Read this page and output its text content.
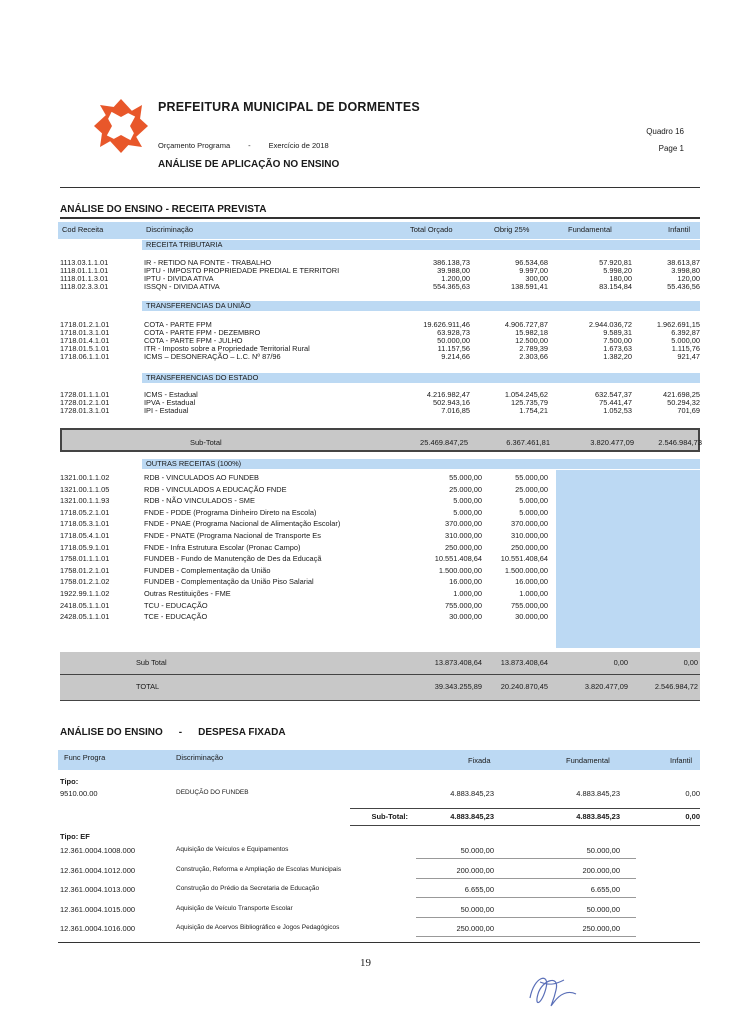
PREFEITURA MUNICIPAL DE DORMENTES
Orçamento Programa - Exercício de 2018
ANÁLISE DE APLICAÇÃO NO ENSINO
Quadro 16
Page 1
ANÁLISE DO ENSINO - RECEITA PREVISTA
Cod Receita	Discriminação	Total Orçado	Obrig 25%	Fundamental	Infantil
RECEITA TRIBUTARIA
1113.03.1.1.01	IR - RETIDO NA FONTE - TRABALHO	386.138,73	96.534,68	57.920,81	38.613,87
1118.01.1.1.01	IPTU - IMPOSTO PROPRIEDADE PREDIAL E TERRITORI	39.988,00	9.997,00	5.998,20	3.998,80
1118.01.1.3.01	IPTU - DIVIDA ATIVA	1.200,00	300,00	180,00	120,00
1118.02.3.3.01	ISSQN - DIVIDA ATIVA	554.365,63	138.591,41	83.154,84	55.436,56
TRANSFERENCIAS DA UNIÃO
1718.01.2.1.01	COTA - PARTE FPM	19.626.911,46	4.906.727,87	2.944.036,72	1.962.691,15
1718.01.3.1.01	COTA - PARTE FPM - DEZEMBRO	63.928,73	15.982,18	9.589,31	6.392,87
1718.01.4.1.01	COTA - PARTE FPM - JULHO	50.000,00	12.500,00	7.500,00	5.000,00
1718.01.5.1.01	ITR - Imposto sobre a Propriedade Territorial Rural	11.157,56	2.789,39	1.673,63	1.115,76
1718.06.1.1.01	ICMS – DESONERAÇÃO – L.C. Nº 87/96	9.214,66	2.303,66	1.382,20	921,47
TRANSFERENCIAS DO ESTADO
1728.01.1.1.01	ICMS - Estadual	4.216.982,47	1.054.245,62	632.547,37	421.698,25
1728.01.2.1.01	IPVA - Estadual	502.943,16	125.735,79	75.441,47	50.294,32
1728.01.3.1.01	IPI - Estadual	7.016,85	1.754,21	1.052,53	701,69
Sub-Total	25.469.847,25	6.367.461,81	3.820.477,09	2.546.984,73
OUTRAS RECEITAS (100%)
1321.00.1.1.02	RDB - VINCULADOS AO FUNDEB	55.000,00	55.000,00
1321.00.1.1.05	RDB - VINCULADOS A EDUCAÇÃO FNDE	25.000,00	25.000,00
1321.00.1.1.93	RDB - NÃO VINCULADOS - SME	5.000,00	5.000,00
1718.05.2.1.01	FNDE - PDDE (Programa Dinheiro Direto na Escola)	5.000,00	5.000,00
1718.05.3.1.01	FNDE - PNAE (Programa Nacional de Alimentação Escolar)	370.000,00	370.000,00
1718.05.4.1.01	FNDE - PNATE (Programa Nacional de Transporte Es	310.000,00	310.000,00
1718.05.9.1.01	FNDE - Infra Estrutura Escolar (Pronac Campo)	250.000,00	250.000,00
1758.01.1.1.01	FUNDEB - Fundo de Manutenção de Des da Educaçã	10.551.408,64	10.551.408,64
1758.01.2.1.01	FUNDEB - Complementação da União	1.500.000,00	1.500.000,00
1758.01.2.1.02	FUNDEB - Complementação da União Piso Salarial	16.000,00	16.000,00
1922.99.1.1.02	Outras Restituições - FME	1.000,00	1.000,00
2418.05.1.1.01	TCU - EDUCAÇÃO	755.000,00	755.000,00
2428.05.1.1.01	TCE - EDUCAÇÃO	30.000,00	30.000,00
Sub Total	13.873.408,64	13.873.408,64	0,00	0,00
TOTAL	39.343.255,89	20.240.870,45	3.820.477,09	2.546.984,72
ANÁLISE DO ENSINO - DESPESA FIXADA
Func Progra	Discriminação	Fixada	Fundamental	Infantil
Tipo:
9510.00.00	DEDUÇÃO DO FUNDEB	4.883.845,23	4.883.845,23	0,00
Sub-Total:	4.883.845,23	4.883.845,23	0,00
Tipo: EF
12.361.0004.1008.000	Aquisição de Veículos e Equipamentos	50.000,00	50.000,00
12.361.0004.1012.000	Construção, Reforma e Ampliação de Escolas Municipais	200.000,00	200.000,00
12.361.0004.1013.000	Construção do Prédio da Secretaria de Educação	6.655,00	6.655,00
12.361.0004.1015.000	Aquisição de Veículo Transporte Escolar	50.000,00	50.000,00
12.361.0004.1016.000	Aquisição de Acervos Bibliográfico e Jogos Pedagógicos	250.000,00	250.000,00
19
